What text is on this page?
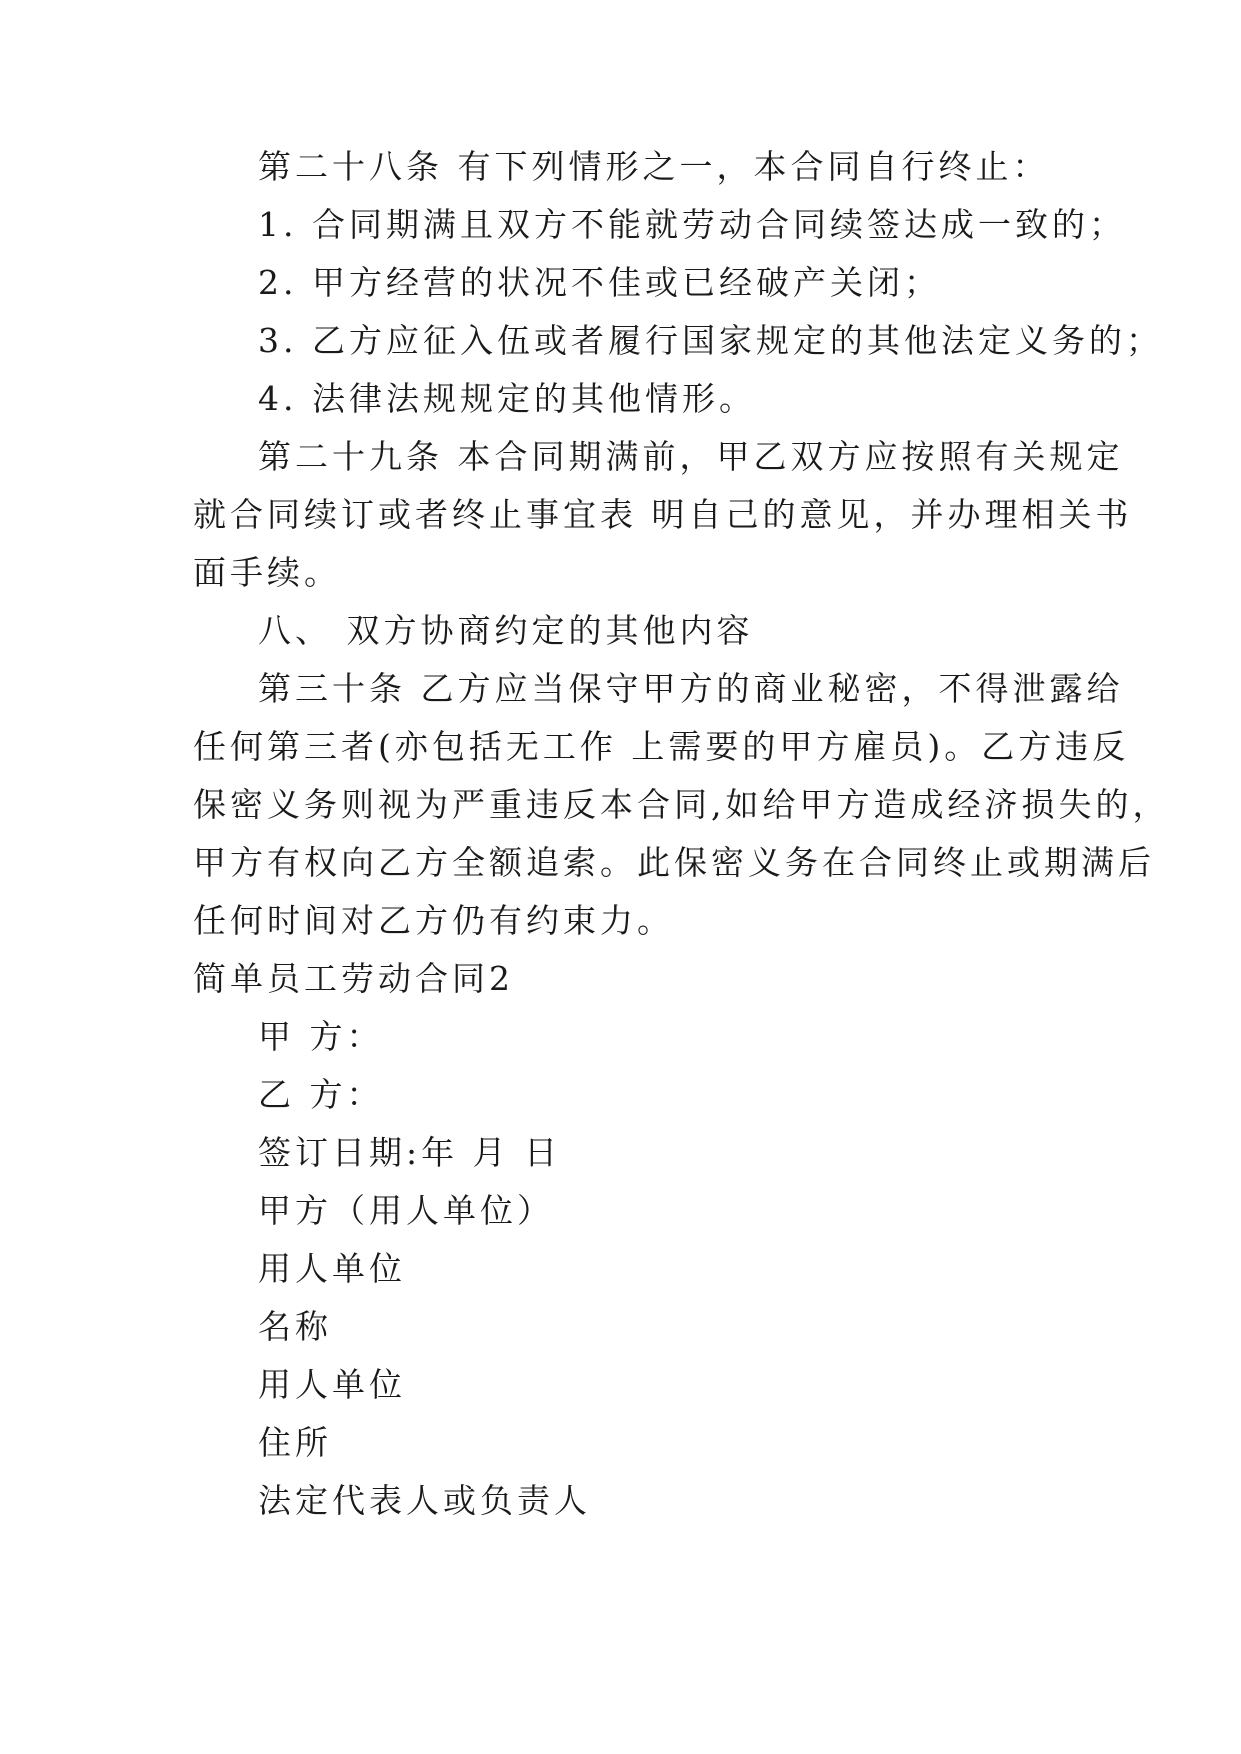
第二十八条 有下列情形之一，本合同自行终止：
1. 合同期满且双方不能就劳动合同续签达成一致的；
2. 甲方经营的状况不佳或已经破产关闭；
3. 乙方应征入伍或者履行国家规定的其他法定义务的；
4. 法律法规规定的其他情形。
第二十九条 本合同期满前，甲乙双方应按照有关规定
就合同续订或者终止事宜表 明自己的意见，并办理相关书
面手续。
八、 双方协商约定的其他内容
第三十条 乙方应当保守甲方的商业秘密，不得泄露给
任何第三者(亦包括无工作 上需要的甲方雇员)。乙方违反
保密义务则视为严重违反本合同,如给甲方造成经济损失的，
甲方有权向乙方全额追索。此保密义务在合同终止或期满后
任何时间对乙方仍有约束力。
简单员工劳动合同2
甲 方：
乙 方：
签订日期:年 月 日
甲方（用人单位）
用人单位
名称
用人单位
住所
法定代表人或负责人
